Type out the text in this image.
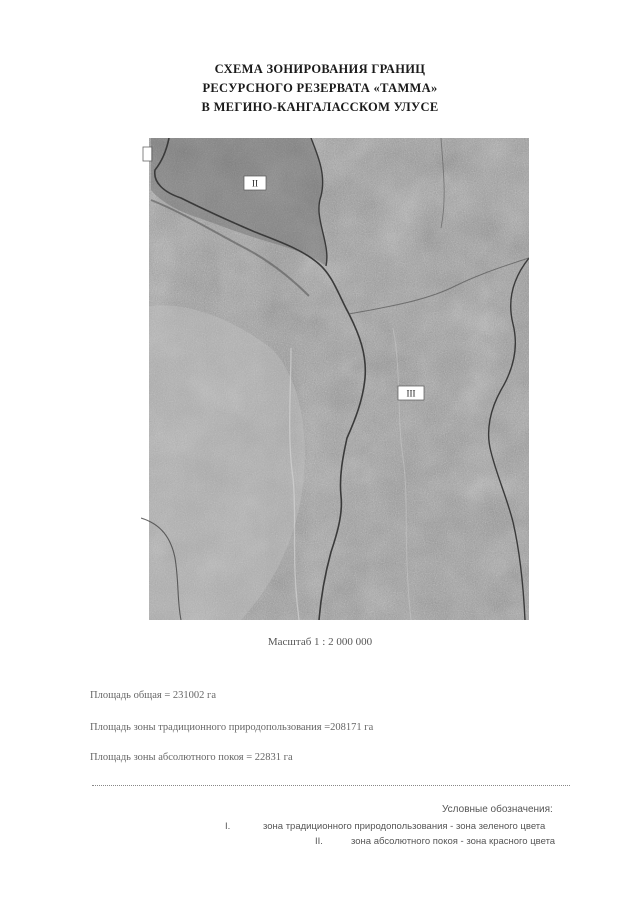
СХЕМА ЗОНИРОВАНИЯ ГРАНИЦ
РЕСУРСНОГО РЕЗЕРВАТА «ТАММА»
В МЕГИНО-КАНГАЛАССКОМ УЛУСЕ
II
III
Масштаб 1 : 2 000 000
Площадь общая = 231002 га
Площадь зоны традиционного природопользования =208171 га
Площадь зоны абсолютного покоя = 22831 га
Условные обозначения:
I.	зона традиционного природопользования - зона зеленого цвета
II.	зона абсолютного покоя - зона красного цвета
